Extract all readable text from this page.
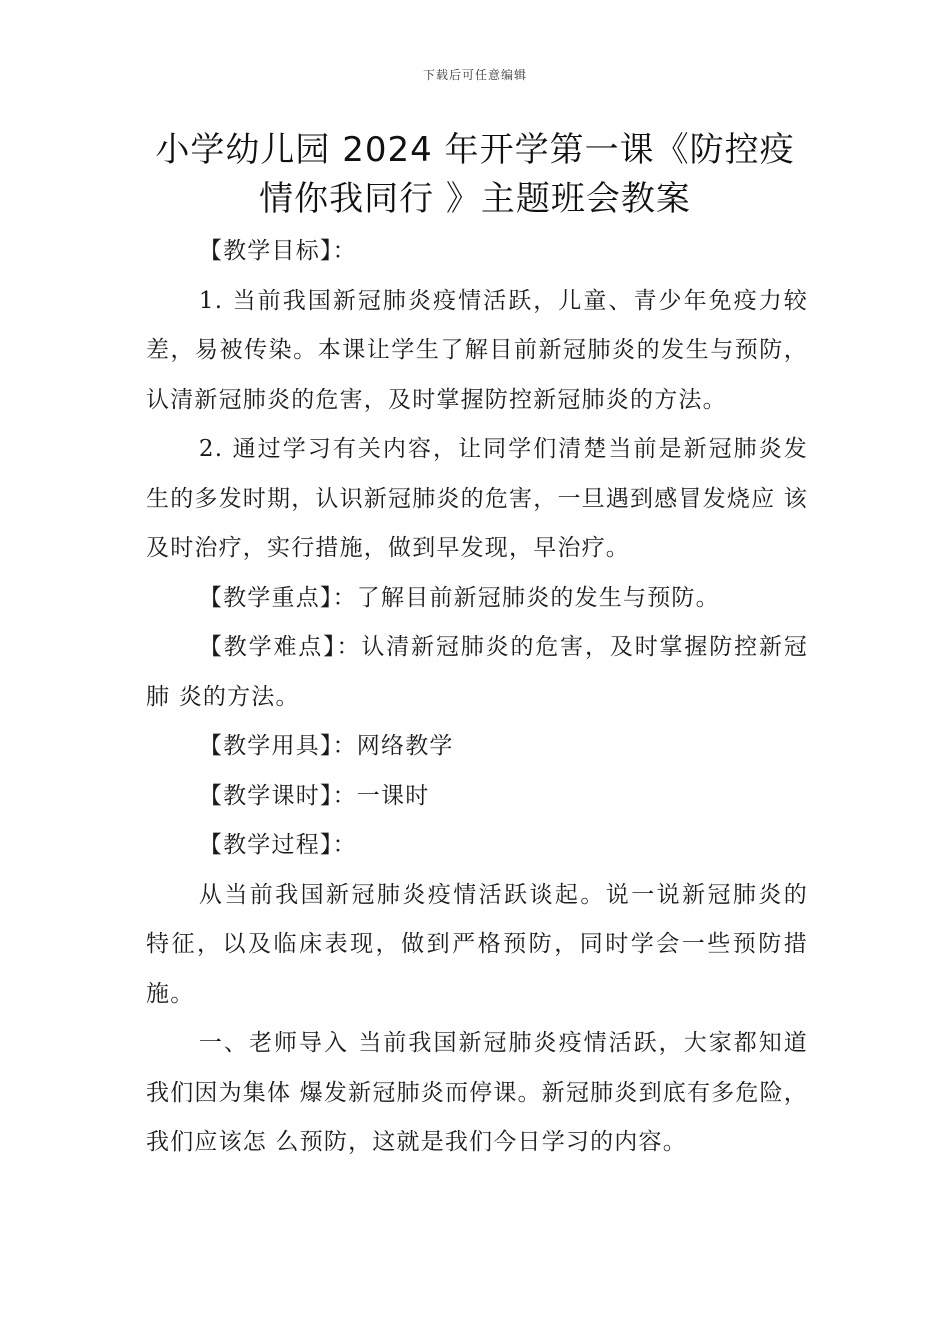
下载后可任意编辑
小学幼儿园 2024 年开学第一课《防控疫
情你我同行 》主题班会教案

【教学目标】：

1. 当前我国新冠肺炎疫情活跃，儿童、青少年免疫力较 差，易被传染。本课让学生了解目前新冠肺炎的发生与预防， 认清新冠肺炎的危害，及时掌握防控新冠肺炎的方法。

2. 通过学习有关内容，让同学们清楚当前是新冠肺炎发 生的多发时期，认识新冠肺炎的危害，一旦遇到感冒发烧应 该及时治疗，实行措施，做到早发现，早治疗。

【教学重点】：了解目前新冠肺炎的发生与预防。

【教学难点】：认清新冠肺炎的危害，及时掌握防控新冠肺 炎的方法。

【教学用具】：网络教学

【教学课时】：一课时

【教学过程】：

从当前我国新冠肺炎疫情活跃谈起。说一说新冠肺炎的 特征，以及临床表现，做到严格预防，同时学会一些预防措 施。

一、老师导入 当前我国新冠肺炎疫情活跃，大家都知道我们因为集体 爆发新冠肺炎而停课。新冠肺炎到底有多危险，我们应该怎 么预防，这就是我们今日学习的内容。
